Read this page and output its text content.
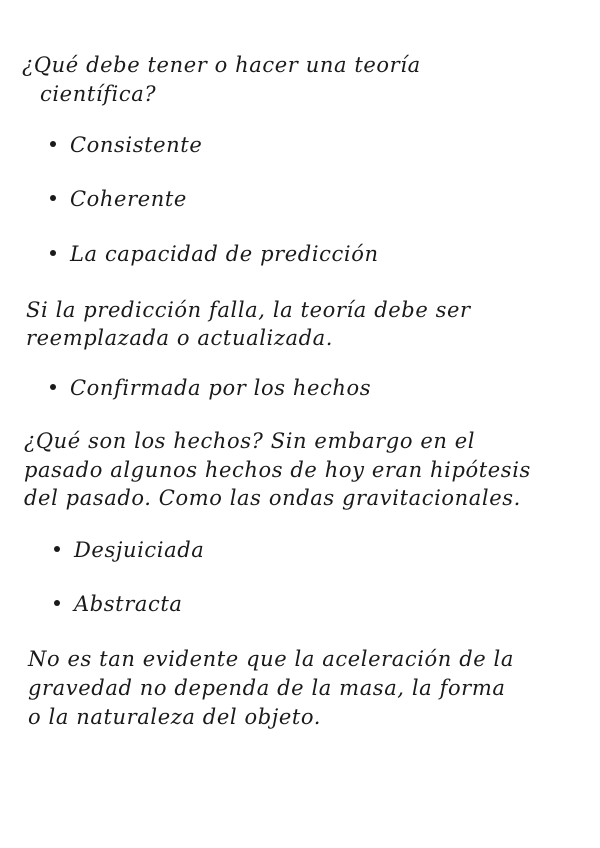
¿Qué debe tener o hacer una teoría
científica?
Consistente
Coherente
La capacidad de predicción
Si la predicción falla, la teoría debe ser
reemplazada o actualizada.
Confirmada por los hechos
¿Qué son los hechos? Sin embargo en el
pasado algunos hechos de hoy eran hipótesis
del pasado. Como las ondas gravitacionales.
Desjuiciada
Abstracta
No es tan evidente que la aceleración de la
gravedad no dependa de la masa, la forma
o la naturaleza del objeto.
